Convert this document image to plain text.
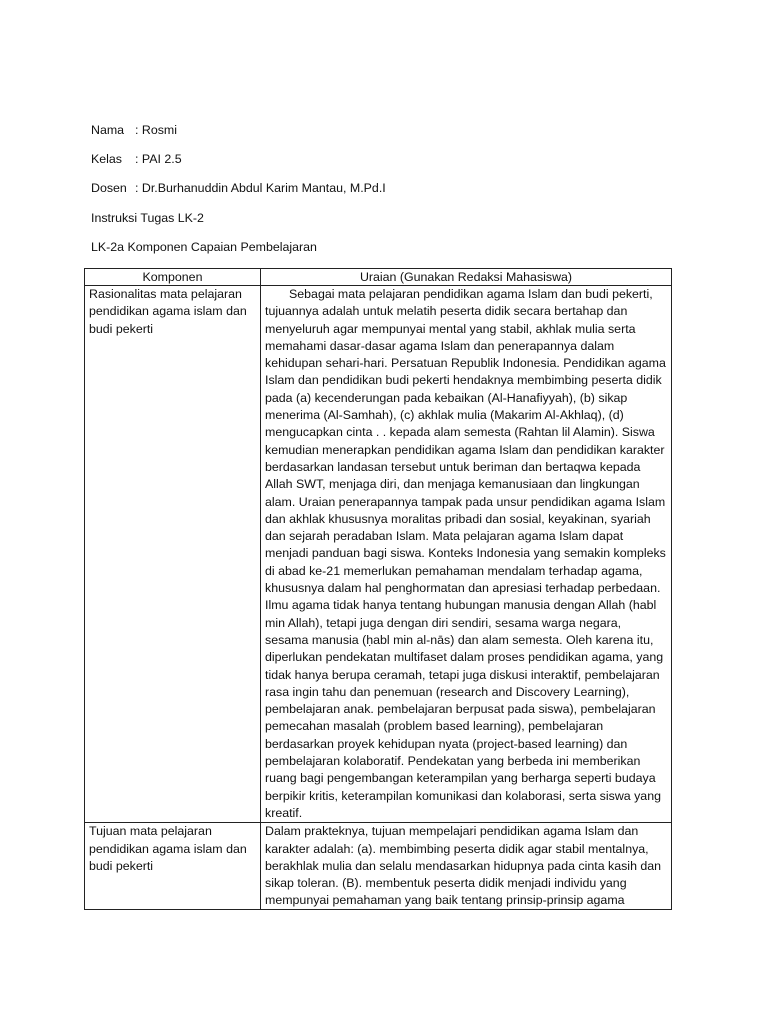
Nama : Rosmi
Kelas : PAI 2.5
Dosen : Dr.Burhanuddin Abdul Karim Mantau, M.Pd.I
Instruksi Tugas LK-2
LK-2a Komponen Capaian Pembelajaran
Komponen	Uraian (Gunakan Redaksi Mahasiswa)

Rasionalitas mata pelajaran pendidikan agama islam dan budi pekerti	Sebagai mata pelajaran pendidikan agama Islam dan budi pekerti, tujuannya adalah untuk melatih peserta didik secara bertahap dan menyeluruh agar mempunyai mental yang stabil, akhlak mulia serta memahami dasar-dasar agama Islam dan penerapannya dalam kehidupan sehari-hari. Persatuan Republik Indonesia. Pendidikan agama Islam dan pendidikan budi pekerti hendaknya membimbing peserta didik pada (a) kecenderungan pada kebaikan (Al-Hanafiyyah), (b) sikap menerima (Al-Samhah), (c) akhlak mulia (Makarim Al-Akhlaq), (d) mengucapkan cinta . . kepada alam semesta (Rahtan lil Alamin). Siswa kemudian menerapkan pendidikan agama Islam dan pendidikan karakter berdasarkan landasan tersebut untuk beriman dan bertaqwa kepada Allah SWT, menjaga diri, dan menjaga kemanusiaan dan lingkungan alam. Uraian penerapannya tampak pada unsur pendidikan agama Islam dan akhlak khususnya moralitas pribadi dan sosial, keyakinan, syariah dan sejarah peradaban Islam. Mata pelajaran agama Islam dapat menjadi panduan bagi siswa. Konteks Indonesia yang semakin kompleks di abad ke-21 memerlukan pemahaman mendalam terhadap agama, khususnya dalam hal penghormatan dan apresiasi terhadap perbedaan. Ilmu agama tidak hanya tentang hubungan manusia dengan Allah (habl min Allah), tetapi juga dengan diri sendiri, sesama warga negara, sesama manusia (ḥabl min al-nās) dan alam semesta. Oleh karena itu, diperlukan pendekatan multifaset dalam proses pendidikan agama, yang tidak hanya berupa ceramah, tetapi juga diskusi interaktif, pembelajaran rasa ingin tahu dan penemuan (research and Discovery Learning), pembelajaran anak. pembelajaran berpusat pada siswa), pembelajaran pemecahan masalah (problem based learning), pembelajaran berdasarkan proyek kehidupan nyata (project-based learning) dan pembelajaran kolaboratif. Pendekatan yang berbeda ini memberikan ruang bagi pengembangan keterampilan yang berharga seperti budaya berpikir kritis, keterampilan komunikasi dan kolaborasi, serta siswa yang kreatif.

Tujuan mata pelajaran pendidikan agama islam dan budi pekerti	Dalam prakteknya, tujuan mempelajari pendidikan agama Islam dan karakter adalah: (a). membimbing peserta didik agar stabil mentalnya, berakhlak mulia dan selalu mendasarkan hidupnya pada cinta kasih dan sikap toleran. (B). membentuk peserta didik menjadi individu yang mempunyai pemahaman yang baik tentang prinsip-prinsip agama
